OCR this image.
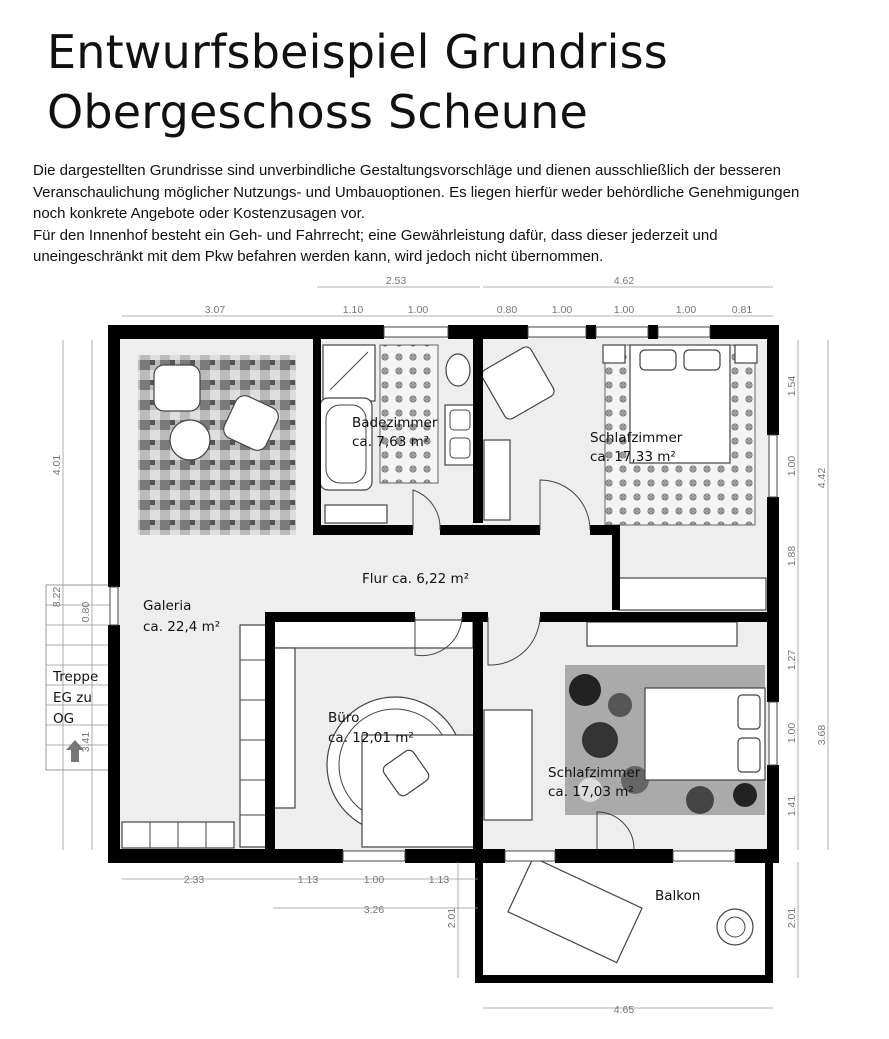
Entwurfsbeispiel Grundriss
Obergeschoss Scheune
Die dargestellten Grundrisse sind unverbindliche Gestaltungsvorschläge und dienen ausschließlich der besseren
Veranschaulichung möglicher Nutzungs- und Umbauoptionen. Es liegen hierfür weder behördliche Genehmigungen
noch konkrete Angebote oder Kostenzusagen vor.
Für den Innenhof besteht ein Geh- und Fahrrecht; eine Gewährleistung dafür, dass dieser jederzeit und
uneingeschränkt mit dem Pkw befahren werden kann, wird jedoch nicht übernommen.
2.53	4.62
3.07	1.10	1.00	0.80	1.00	1.00	1.00	0.81
4.01
8.22
0.80
3.41
1.54
1.00
1.88
4.42
1.27
1.00
1.41
3.68
2.01
2.01
2.33	1.13	1.00	1.13
3.26
4.65
Badezimmer
ca. 7,63 m²	Schlafzimmer
ca. 17,33 m²
Flur ca. 6,22 m²
Galeria
ca. 22,4 m²
Treppe
EG zu
OG	Büro
ca. 12,01 m²
Schlafzimmer
ca. 17,03 m²
Balkon
